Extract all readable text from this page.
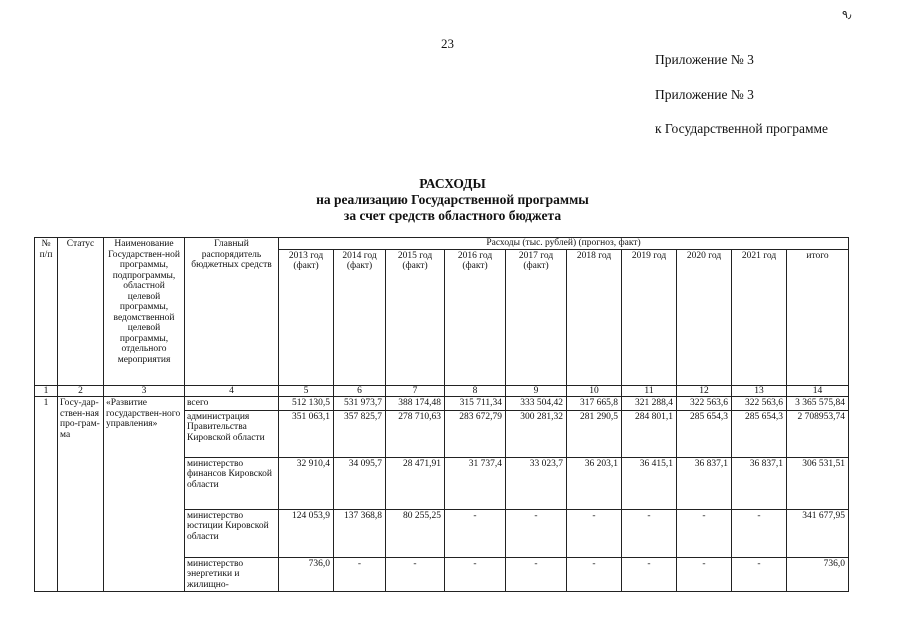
23
٩٫
Приложение № 3
Приложение № 3
к Государственной программе
РАСХОДЫ
на реализацию Государственной программы
за счет средств областного бюджета
№ п/п	Статус	Наименование Государствен-ной программы, подпрограммы, областной целевой программы, ведомственной целевой программы, отдельного мероприятия	Главный распорядитель бюджетных средств	Расходы (тыс. рублей) (прогноз, факт)									
				2013 год (факт)	2014 год (факт)	2015 год (факт)	2016 год (факт)	2017 год (факт)	2018 год	2019 год	2020 год	2021 год	итого
1	2	3	4	5	6	7	8	9	10	11	12	13	14
1	Госу-дар-ствен-ная про-грам-ма	«Развитие государствен-ного управления»	всего	512 130,5	531 973,7	388 174,48	315 711,34	333 504,42	317 665,8	321 288,4	322 563,6	322 563,6	3 365 575,84
			администрация Правительства Кировской области	351 063,1	357 825,7	278 710,63	283 672,79	300 281,32	281 290,5	284 801,1	285 654,3	285 654,3	2 708953,74
			министерство финансов Кировской области	32 910,4	34 095,7	28 471,91	31 737,4	33 023,7	36 203,1	36 415,1	36 837,1	36 837,1	306 531,51
			министерство юстиции Кировской области	124 053,9	137 368,8	80 255,25	-	-	-	-	-	-	341 677,95
			министерство энергетики и жилищно-	736,0	-	-	-	-	-	-	-	-	736,0
